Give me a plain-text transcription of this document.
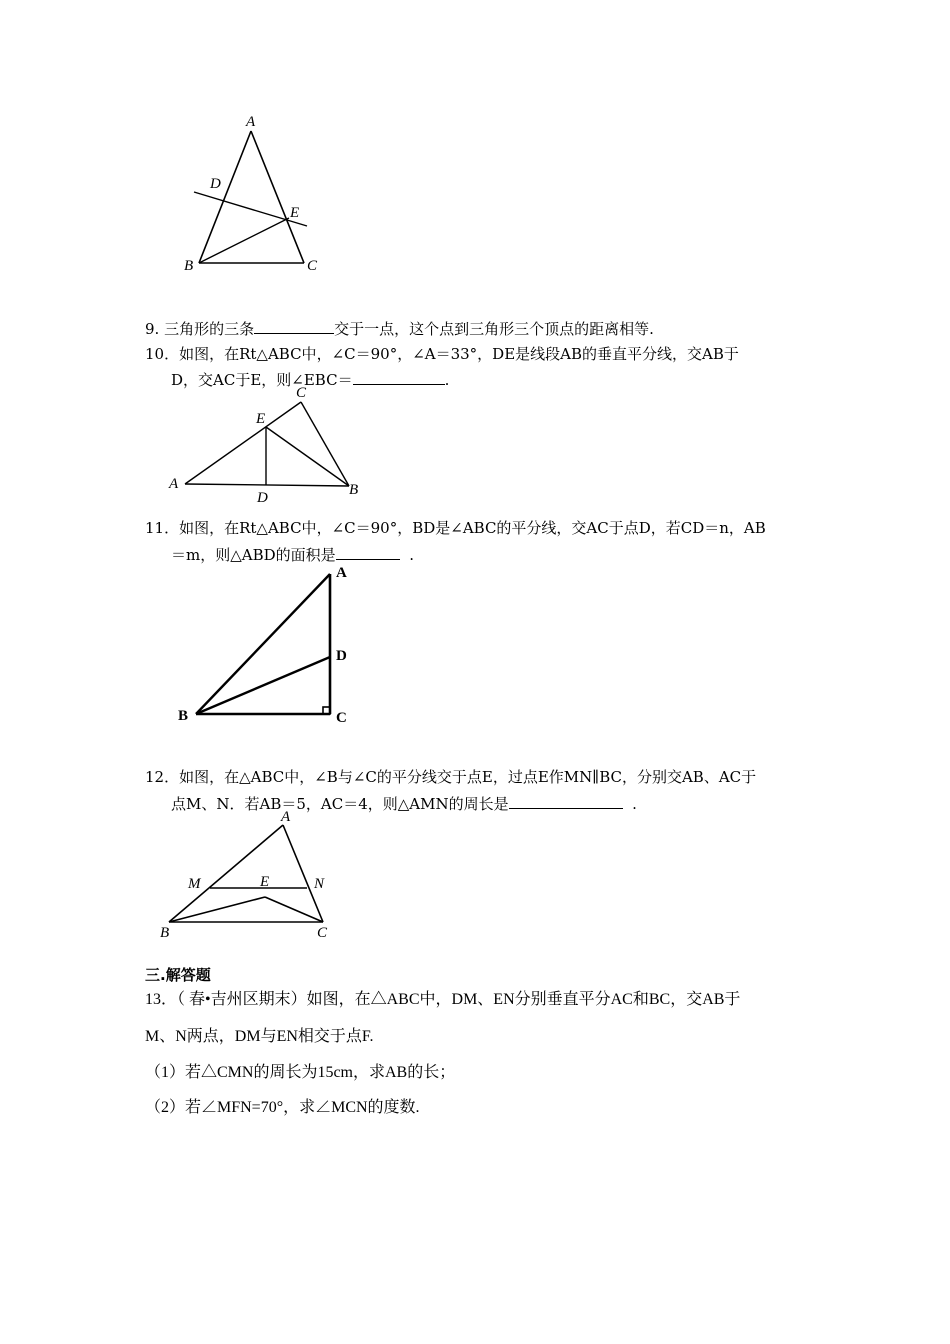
A
D
E
B	C
9. 三角形的三条	交于一点，这个点到三角形三个顶点的距离相等.
10．如图，在Rt△ABC中，∠C＝90°，∠A＝33°，DE是线段AB的垂直平分线，交AB于
D，交AC于E，则∠EBC＝	.
C
E
A
D	B
11．如图，在Rt△ABC中，∠C＝90°，BD是∠ABC的平分线，交AC于点D，若CD＝n，AB
＝m，则△ABD的面积是	.
A
D
B	C
12．如图，在△ABC中，∠B与∠C的平分线交于点E，过点E作MN∥BC，分别交AB、AC于
点M、N．若AB＝5，AC＝4，则△AMN的周长是	.
A
M	E	N
B	C
三.解答题
13．（ 春•吉州区期末）如图，在△ABC中，DM、EN分别垂直平分AC和BC，交AB于
M、N两点，DM与EN相交于点F.
（1）若△CMN的周长为15cm，求AB的长；
（2）若∠MFN=70°，求∠MCN的度数.
